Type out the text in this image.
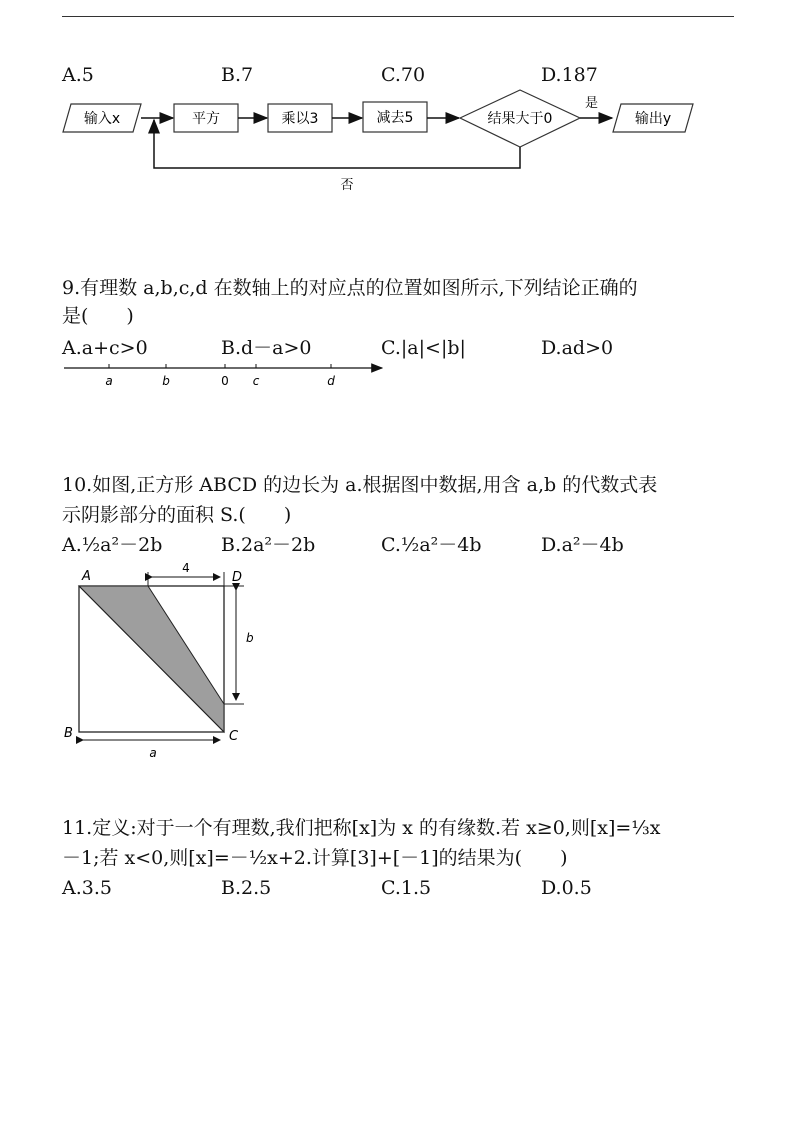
A.5	B.7	C.70	D.187
输入x	平方	乘以3	减去5	结果大于0
是
输出y
否
9.有理数 a,b,c,d 在数轴上的对应点的位置如图所示,下列结论正确的
是(　　)
A.a+c>0	B.d－a>0	C.|a|<|b|	D.ad>0
a	b	0 c	d
10.如图,正方形 ABCD 的边长为 a.根据图中数据,用含 a,b 的代数式表
示阴影部分的面积 S.(　　)
A.½a²－2b	B.2a²－2b	C.½a²－4b	D.a²－4b
4
b
a
A	D
B	C
11.定义:对于一个有理数,我们把称[x]为 x 的有缘数.若 x≥0,则[x]=⅓x
－1;若 x<0,则[x]=－½x+2.计算[3]+[－1]的结果为(　　)
A.3.5	B.2.5	C.1.5	D.0.5
